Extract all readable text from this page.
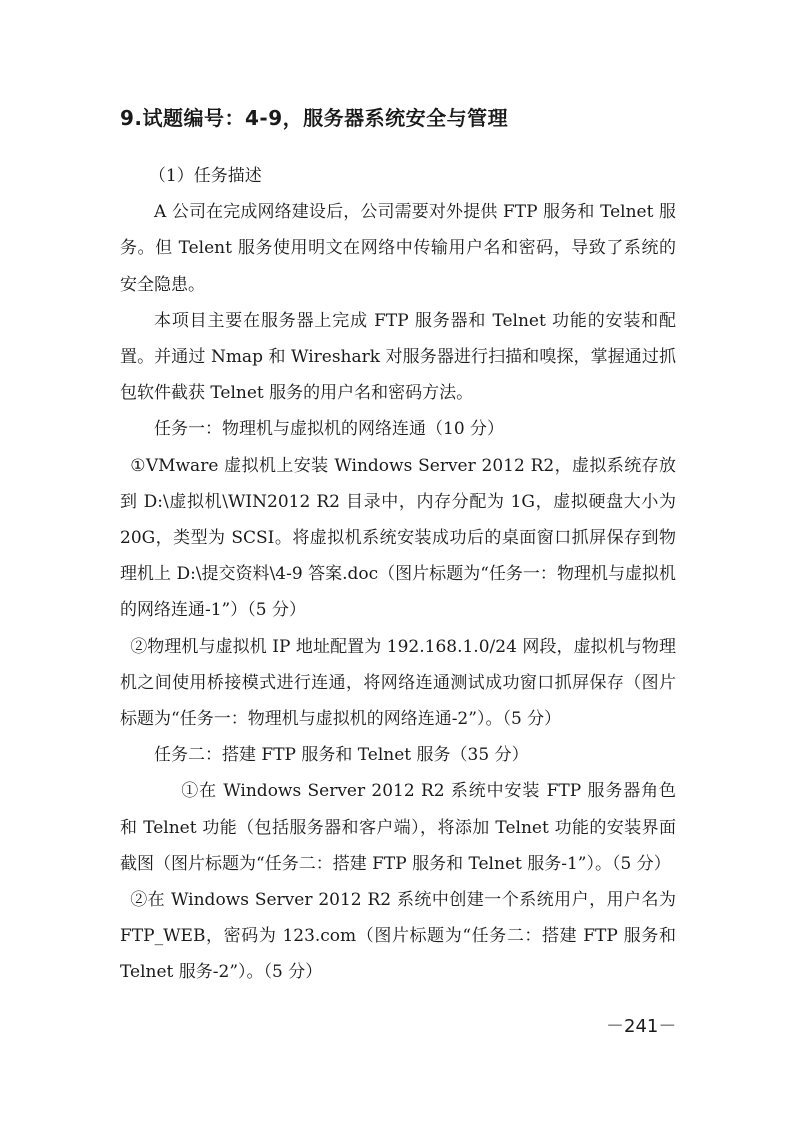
9.试题编号：4-9，服务器系统安全与管理

（1）任务描述

A 公司在完成网络建设后，公司需要对外提供 FTP 服务和 Telnet 服务。但 Telent 服务使用明文在网络中传输用户名和密码，导致了系统的安全隐患。

本项目主要在服务器上完成 FTP 服务器和 Telnet 功能的安装和配置。并通过 Nmap 和 Wireshark 对服务器进行扫描和嗅探，掌握通过抓包软件截获 Telnet 服务的用户名和密码方法。

任务一：物理机与虚拟机的网络连通（10 分）

①VMware 虚拟机上安装 Windows Server 2012 R2，虚拟系统存放到 D:\虚拟机\WIN2012 R2 目录中，内存分配为 1G，虚拟硬盘大小为 20G，类型为 SCSI。将虚拟机系统安装成功后的桌面窗口抓屏保存到物理机上 D:\提交资料\4-9 答案.doc（图片标题为“任务一：物理机与虚拟机的网络连通-1”）（5 分）

②物理机与虚拟机 IP 地址配置为 192.168.1.0/24 网段，虚拟机与物理机之间使用桥接模式进行连通，将网络连通测试成功窗口抓屏保存（图片标题为“任务一：物理机与虚拟机的网络连通-2”）。（5 分）

任务二：搭建 FTP 服务和 Telnet 服务（35 分）

①在 Windows Server 2012 R2 系统中安装 FTP 服务器角色和 Telnet 功能（包括服务器和客户端），将添加 Telnet 功能的安装界面截图（图片标题为“任务二：搭建 FTP 服务和 Telnet 服务-1”）。（5 分）

②在 Windows Server 2012 R2 系统中创建一个系统用户，用户名为 FTP_WEB，密码为 123.com（图片标题为“任务二：搭建 FTP 服务和 Telnet 服务-2”）。（5 分）

－241－
